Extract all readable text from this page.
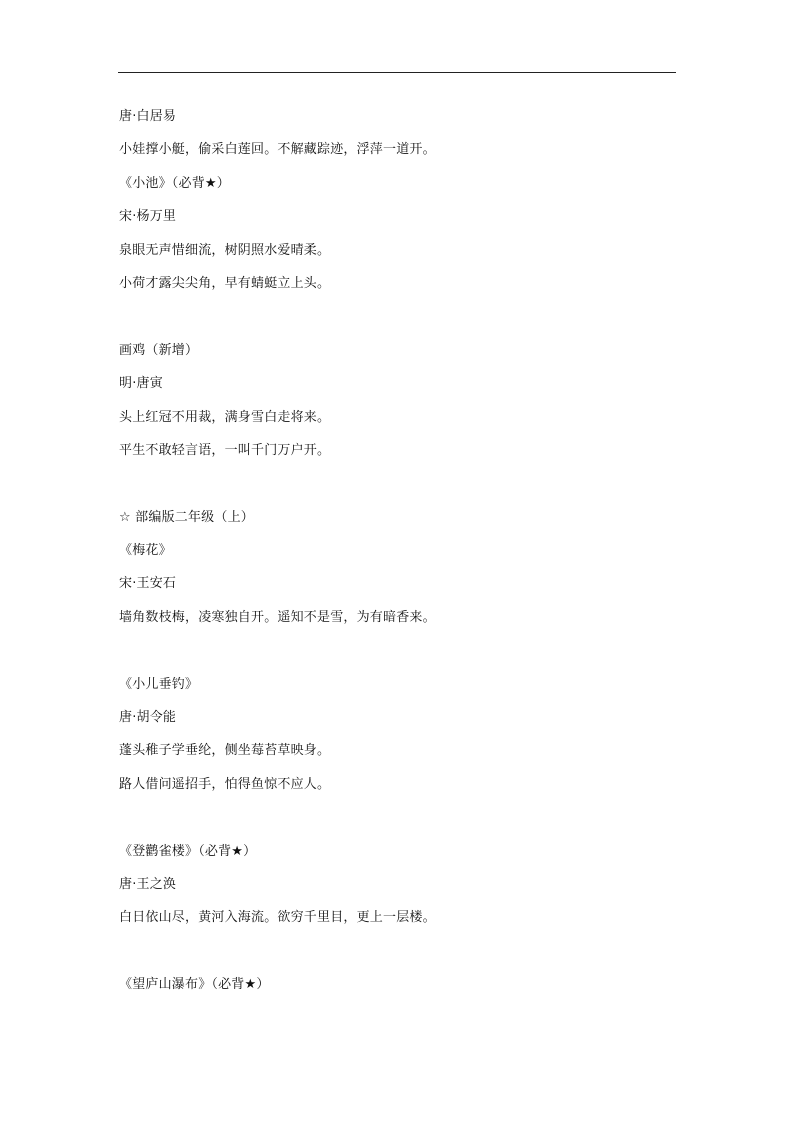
唐·白居易
小娃撑小艇，偷采白莲回。不解藏踪迹，浮萍一道开。
《小池》（必背★）
宋·杨万里
泉眼无声惜细流，树阴照水爱晴柔。
小荷才露尖尖角，早有蜻蜓立上头。
画鸡（新增）
明·唐寅
头上红冠不用裁，满身雪白走将来。
平生不敢轻言语，一叫千门万户开。
☆ 部编版二年级（上）
《梅花》
宋·王安石
墙角数枝梅，凌寒独自开。遥知不是雪，为有暗香来。
《小儿垂钓》
唐·胡令能
蓬头稚子学垂纶，侧坐莓苔草映身。
路人借问遥招手，怕得鱼惊不应人。
《登鹳雀楼》（必背★）
唐·王之涣
白日依山尽，黄河入海流。欲穷千里目，更上一层楼。
《望庐山瀑布》（必背★）
